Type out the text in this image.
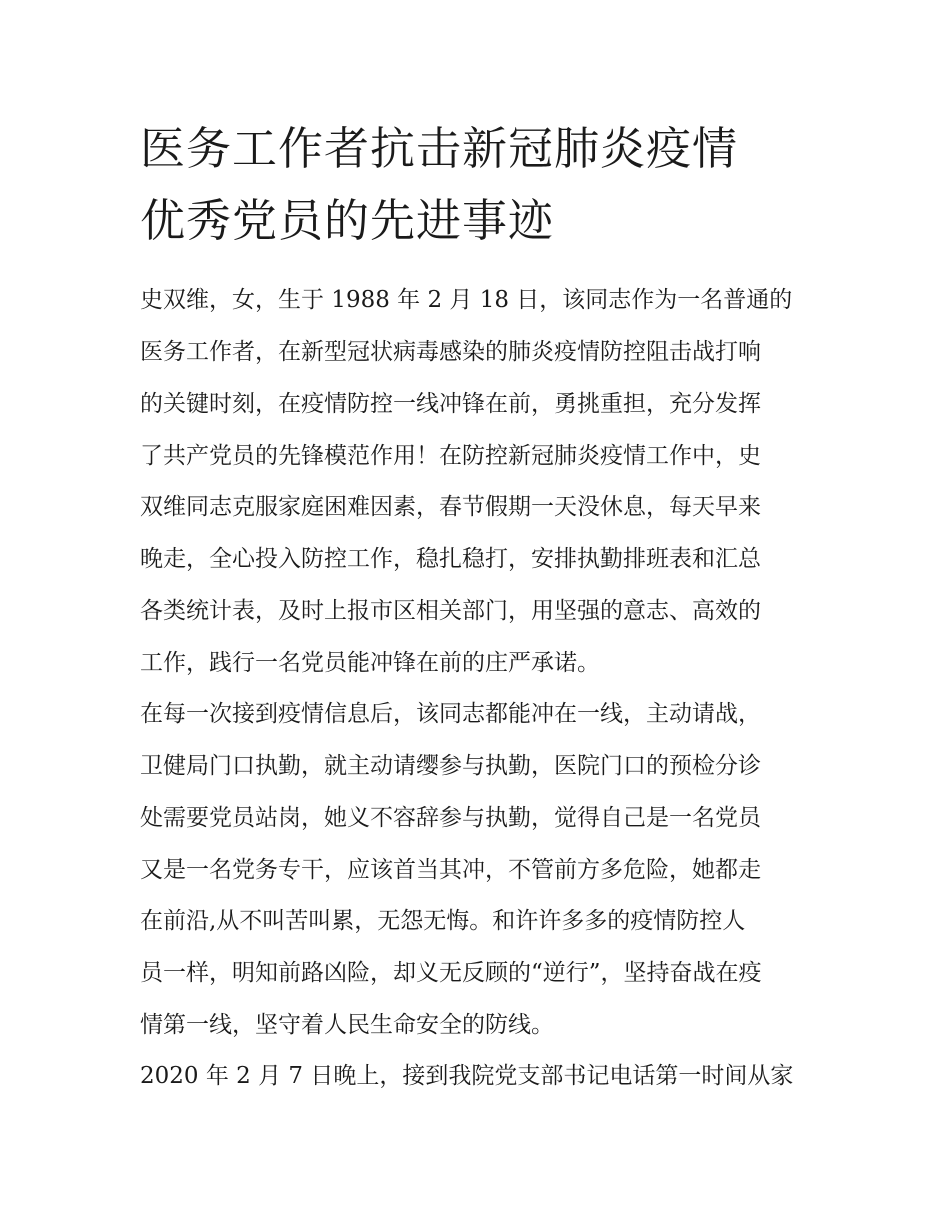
医务工作者抗击新冠肺炎疫情
优秀党员的先进事迹
史双维，女，生于 1988 年 2 月 18 日，该同志作为一名普通的
医务工作者，在新型冠状病毒感染的肺炎疫情防控阻击战打响
的关键时刻，在疫情防控一线冲锋在前，勇挑重担，充分发挥
了共产党员的先锋模范作用！在防控新冠肺炎疫情工作中，史
双维同志克服家庭困难因素，春节假期一天没休息，每天早来
晚走，全心投入防控工作，稳扎稳打，安排执勤排班表和汇总
各类统计表，及时上报市区相关部门，用坚强的意志、高效的
工作，践行一名党员能冲锋在前的庄严承诺。
在每一次接到疫情信息后，该同志都能冲在一线，主动请战，
卫健局门口执勤，就主动请缨参与执勤，医院门口的预检分诊
处需要党员站岗，她义不容辞参与执勤，觉得自己是一名党员
又是一名党务专干，应该首当其冲，不管前方多危险，她都走
在前沿,从不叫苦叫累，无怨无悔。和许许多多的疫情防控人
员一样，明知前路凶险，却义无反顾的“逆行”，坚持奋战在疫
情第一线，坚守着人民生命安全的防线。
2020 年 2 月 7 日晚上，接到我院党支部书记电话第一时间从家
